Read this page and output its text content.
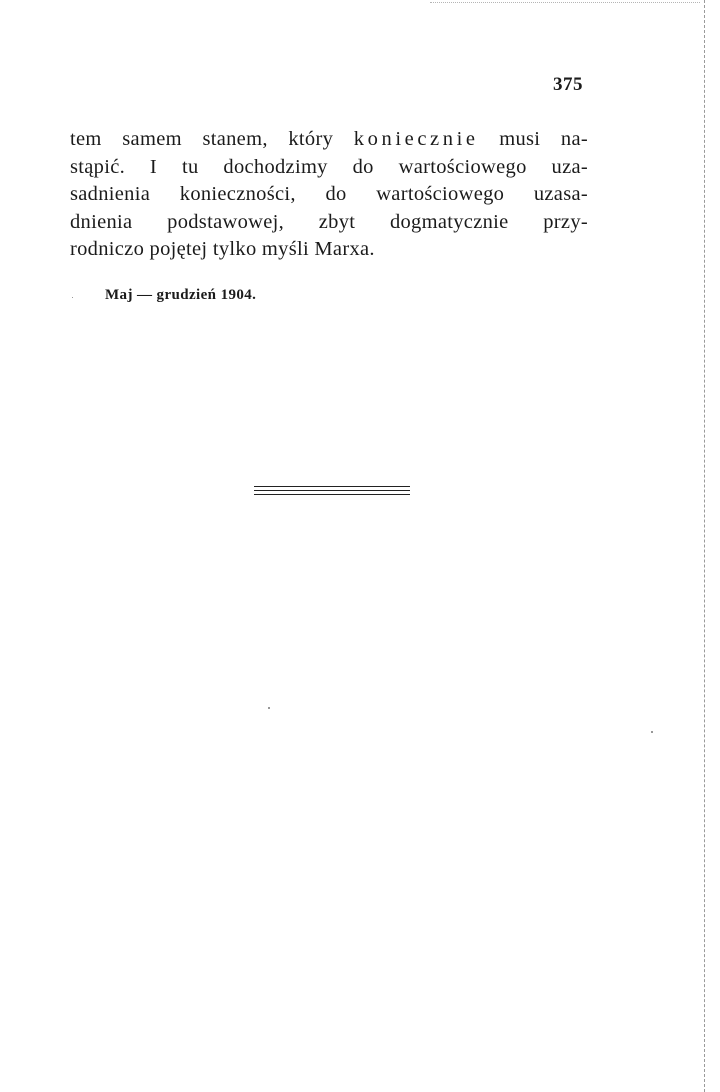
375
tem samem stanem, który koniecznie musi na-
stąpić. I tu dochodzimy do wartościowego uza-
sadnienia konieczności, do wartościowego uzasa-
dnienia podstawowej, zbyt dogmatycznie przy-
rodniczo pojętej tylko myśli Marxa.
Maj — grudzień 1904.
